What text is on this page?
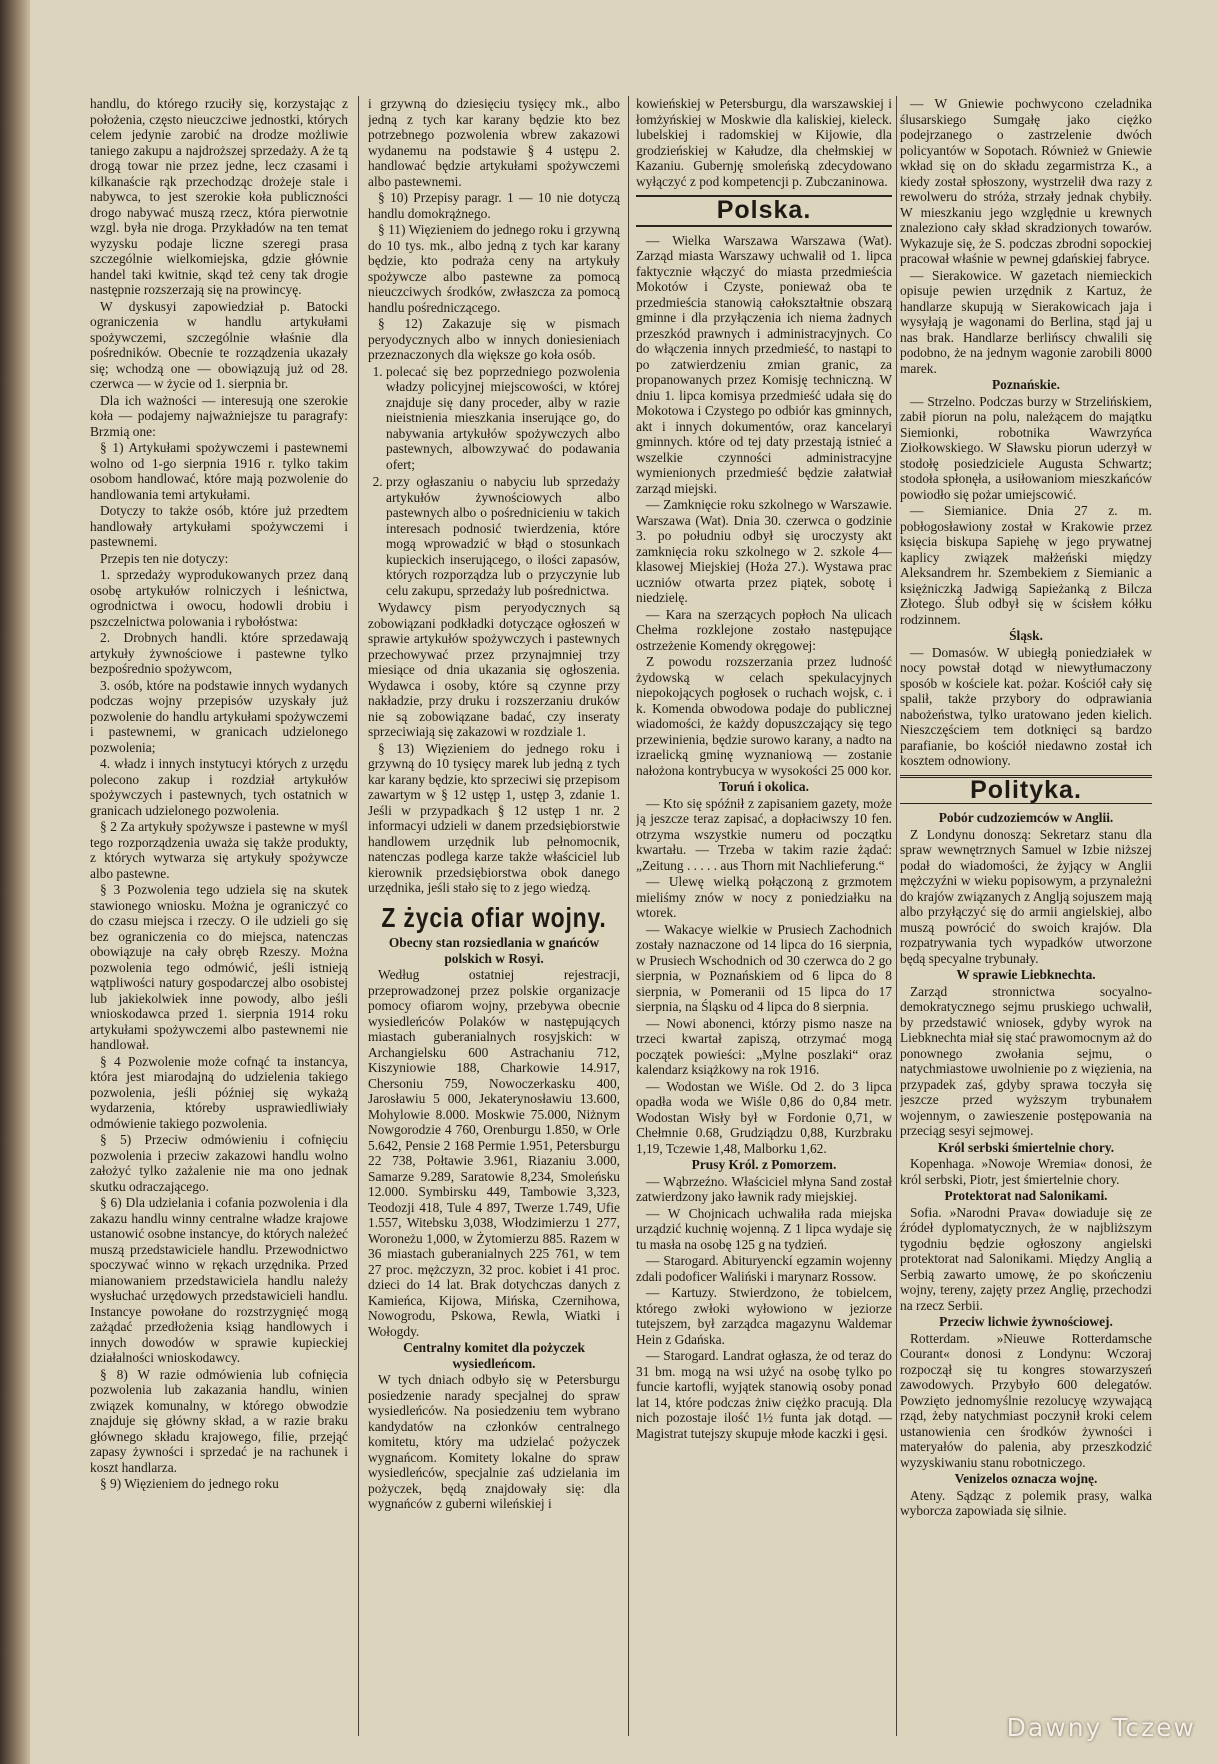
handlu, do którego rzuciły się, korzystając z położenia, często nieuczciwe jednostki, których celem jedynie zarobić na drodze możliwie taniego zakupu a najdroższej sprzedaży. A że tą drogą towar nie przez jedne, lecz czasami i kilkanaście rąk przechodząc drożeje stale i nabywca, to jest szerokie koła publiczności drogo nabywać muszą rzecz, która pierwotnie wzgl. była nie droga. Przykładów na ten temat wyzysku podaje liczne szeregi prasa szczególnie wielkomiejska, gdzie głównie handel taki kwitnie, skąd też ceny tak drogie następnie rozszerzają się na prowincyę.

W dyskusyi zapowiedział p. Batocki ograniczenia w handlu artykułami spożywczemi, szczególnie właśnie dla pośredników. Obecnie te rozządzenia ukazały się; wchodzą one — obowiązują już od 28. czerwca — w życie od 1. sierpnia br.

Dla ich ważności — interesują one szerokie koła — podajemy najważniejsze tu paragrafy: Brzmią one:

§ 1) Artykułami spożywczemi i pastewnemi wolno od 1-go sierpnia 1916 r. tylko takim osobom handlować, które mają pozwolenie do handlowania temi artykułami.

Dotyczy to także osób, które już przedtem handlowały artykułami spożywczemi i pastewnemi.

Przepis ten nie dotyczy:

1. sprzedaży wyprodukowanych przez daną osobę artykułów rolniczych i leśnictwa, ogrodnictwa i owocu, hodowli drobiu i pszczelnictwa polowania i rybołóstwa:

2. Drobnych handli. które sprzedawają artykuły żywnościowe i pastewne tylko bezpośrednio spożywcom,

3. osób, które na podstawie innych wydanych podczas wojny przepisów uzyskały już pozwolenie do handlu artykułami spożywczemi i pastewnemi, w granicach udzielonego pozwolenia;

4. władz i innych instytucyi których z urzędu polecono zakup i rozdział artykułów spożywczych i pastewnych, tych ostatnich w granicach udzielonego pozwolenia.

§ 2 Za artykuły spożywsze i pastewne w myśl tego rozporządzenia uważa się także produkty, z których wytwarza się artykuły spożywcze albo pastewne.

§ 3 Pozwolenia tego udziela się na skutek stawionego wniosku. Można je ograniczyć co do czasu miejsca i rzeczy. O ile udzieli go się bez ograniczenia co do miejsca, natenczas obowiązuje na cały obręb Rzeszy. Można pozwolenia tego odmówić, jeśli istnieją wątpliwości natury gospodarczej albo osobistej lub jakiekolwiek inne powody, albo jeśli wnioskodawca przed 1. sierpnia 1914 roku artykułami spożywczemi albo pastewnemi nie handlował.

§ 4 Pozwolenie może cofnąć ta instancya, która jest miarodajną do udzielenia takiego pozwolenia, jeśli później się wykażą wydarzenia, któreby usprawiedliwiały odmówienie takiego pozwolenia.

§ 5) Przeciw odmówieniu i cofnięciu pozwolenia i przeciw zakazowi handlu wolno założyć tylko zażalenie nie ma ono jednak skutku odraczającego.

§ 6) Dla udzielania i cofania pozwolenia i dla zakazu handlu winny centralne władze krajowe ustanowić osobne instancye, do których należeć muszą przedstawiciele handlu. Przewodnictwo spoczywać winno w rękach urzędnika. Przed mianowaniem przedstawiciela handlu należy wysłuchać urzędowych przedstawicieli handlu. Instancye powołane do rozstrzygnięć mogą zażądać przedłożenia ksiąg handlowych i innych dowodów w sprawie kupieckiej działalności wnioskodawcy.

§ 8) W razie odmówienia lub cofnięcia pozwolenia lub zakazania handlu, winien związek komunalny, w którego obwodzie znajduje się główny skład, a w razie braku głównego składu krajowego, filie, przejąć zapasy żywności i sprzedać je na rachunek i koszt handlarza.

§ 9) Więzieniem do jednego roku

i grzywną do dziesięciu tysięcy mk., albo jedną z tych kar karany będzie kto bez potrzebnego pozwolenia wbrew zakazowi wydanemu na podstawie § 4 ustępu 2. handlować będzie artykułami spożywczemi albo pastewnemi.

§ 10) Przepisy paragr. 1 — 10 nie dotyczą handlu domokrążnego.

§ 11) Więzieniem do jednego roku i grzywną do 10 tys. mk., albo jedną z tych kar karany będzie, kto podraża ceny na artykuły spożywcze albo pastewne za pomocą nieuczciwych środków, zwłaszcza za pomocą handlu pośredniczącego.

§ 12) Zakazuje się w pismach peryodycznych albo w innych doniesieniach przeznaczonych dla większe go koła osób.

1. polecać się bez poprzedniego pozwolenia władzy policyjnej miejscowości, w której znajduje się dany proceder, alby w razie nieistnienia mieszkania inserujące go, do nabywania artykułów spożywczych albo pastewnych, albowzywać do podawania ofert;
2. przy ogłaszaniu o nabyciu lub sprzedaży artykułów żywnościowych albo pastewnych albo o pośrednicieniu w takich interesach podnosić twierdzenia, które mogą wprowadzić w błąd o stosunkach kupieckich inserującego, o ilości zapasów, których rozporządza lub o przyczynie lub celu zakupu, sprzedaży lub pośrednictwa.

Wydawcy pism peryodycznych są zobowiązani podkładki dotyczące ogłoszeń w sprawie artykułów spożywczych i pastewnych przechowywać przez przynajmniej trzy miesiące od dnia ukazania się ogłoszenia. Wydawca i osoby, które są czynne przy nakładzie, przy druku i rozszerzaniu druków nie są zobowiązane badać, czy inseraty sprzeciwiają się zakazowi w rozdziale 1.

§ 13) Więzieniem do jednego roku i grzywną do 10 tysięcy marek lub jedną z tych kar karany będzie, kto sprzeciwi się przepisom zawartym w § 12 ustęp 1, ustęp 3, zdanie 1. Jeśli w przypadkach § 12 ustęp 1 nr. 2 informacyi udzieli w danem przedsiębiorstwie handlowem urzędnik lub pełnomocnik, natenczas podlega karze także właściciel lub kierownik przedsiębiorstwa obok danego urzędnika, jeśli stało się to z jego wiedzą.

Z życia ofiar wojny.

Obecny stan rozsiedlania w gnańców polskich w Rosyi.

Według ostatniej rejestracji, przeprowadzonej przez polskie organizacje pomocy ofiarom wojny, przebywa obecnie wysiedleńców Polaków w następujących miastach guberanialnych rosyjskich: w Archangielsku 600 Astrachaniu 712, Kiszyniowie 188, Charkowie 14.917, Chersoniu 759, Nowoczerkasku 400, Jarosławiu 5 000, Jekaterynosławiu 13.600, Mohylowie 8.000. Moskwie 75.000, Niżnym Nowgorodzie 4 760, Orenburgu 1.850, w Orle 5.642, Pensie 2 168 Permie 1.951, Petersburgu 22 738, Połtawie 3.961, Riazaniu 3.000, Samarze 9.289, Saratowie 8,234, Smoleńsku 12.000. Symbirsku 449, Tambowie 3,323, Teodozji 418, Tule 4 897, Twerze 1.749, Ufie 1.557, Witebsku 3,038, Włodzimierzu 1 277, Woroneżu 1,000, w Żytomierzu 885. Razem w 36 miastach guberanialnych 225 761, w tem 27 proc. mężczyzn, 32 proc. kobiet i 41 proc. dzieci do 14 lat. Brak dotychczas danych z Kamieńca, Kijowa, Mińska, Czernihowa, Nowogrodu, Pskowa, Rewla, Wiatki i Wołogdy.

Centralny komitet dla pożyczek wysiedleńcom.

W tych dniach odbyło się w Petersburgu posiedzenie narady specjalnej do spraw wysiedleńców. Na posiedzeniu tem wybrano kandydatów na członków centralnego komitetu, który ma udzielać pożyczek wygnańcom. Komitety lokalne do spraw wysiedleńców, specjalnie zaś udzielania im pożyczek, będą znajdowały się: dla wygnańców z guberni wileńskiej i

kowieńskiej w Petersburgu, dla warszawskiej i łomżyńskiej w Moskwie dla kaliskiej, kieleck. lubelskiej i radomskiej w Kijowie, dla grodzieńskiej w Kałudze, dla chełmskiej w Kazaniu. Gubernję smoleńską zdecydowano wyłączyć z pod kompetencji p. Zubczaninowa.

Polska.

— Wielka Warszawa Warszawa (Wat). Zarząd miasta Warszawy uchwalił od 1. lipca faktycznie włączyć do miasta przedmieścia Mokotów i Czyste, ponieważ oba te przedmieścia stanowią całokształtnie obszarą gminne i dla przyłączenia ich niema żadnych przeszkód prawnych i administracyjnych. Co do włączenia innych przedmieść, to nastąpi to po zatwierdzeniu zmian granic, za propanowanych przez Komisję techniczną. W dniu 1. lipca komisya przedmieść udała się do Mokotowa i Czystego po odbiór kas gminnych, akt i innych dokumentów, oraz kancelaryi gminnych. które od tej daty przestają istnieć a wszelkie czynności administracyjne wymienionych przedmieść będzie załatwiał zarząd miejski.

— Zamknięcie roku szkolnego w Warszawie. Warszawa (Wat). Dnia 30. czerwca o godzinie 3. po południu odbył się uroczysty akt zamknięcia roku szkolnego w 2. szkole 4—klasowej Miejskiej (Hoża 27.). Wystawa prac uczniów otwarta przez piątek, sobotę i niedzielę.

— Kara na szerzących popłoch Na ulicach Chełma rozklejone zostało następujące ostrzeżenie Komendy okręgowej:

Z powodu rozszerzania przez ludność żydowską w celach spekulacyjnych niepokojących pogłosek o ruchach wojsk, c. i k. Komenda obwodowa podaje do publicznej wiadomości, że każdy dopuszczający się tego przewinienia, będzie surowo karany, a nadto na izraelicką gminę wyznaniową — zostanie nałożona kontrybucya w wysokości 25 000 kor.

Toruń i okolica.

— Kto się spóźnił z zapisaniem gazety, może ją jeszcze teraz zapisać, a dopłaciwszy 10 fen. otrzyma wszystkie numeru od początku kwartału. — Trzeba w takim razie żądać: „Zeitung . . . . . aus Thorn mit Nachlieferung.“

— Ulewę wielką połączoną z grzmotem mieliśmy znów w nocy z poniedziałku na wtorek.

— Wakacye wielkie w Prusiech Zachodnich zostały naznaczone od 14 lipca do 16 sierpnia, w Prusiech Wschodnich od 30 czerwca do 2 go sierpnia, w Poznańskiem od 6 lipca do 8 sierpnia, w Pomeranii od 15 lipca do 17 sierpnia, na Śląsku od 4 lipca do 8 sierpnia.

— Nowi abonenci, którzy pismo nasze na trzeci kwartał zapiszą, otrzymać mogą początek powieści: „Mylne poszlaki“ oraz kalendarz książkowy na rok 1916.

— Wodostan we Wiśle. Od 2. do 3 lipca opadła woda we Wiśle 0,86 do 0,84 metr. Wodostan Wisły był w Fordonie 0,71, w Chełmnie 0.68, Grudziądzu 0,88, Kurzbraku 1,19, Tczewie 1,48, Malborku 1,62.

Prusy Król. z Pomorzem.

— Wąbrzeźno. Właściciel młyna Sand został zatwierdzony jako ławnik rady miejskiej.

— W Chojnicach uchwaliła rada miejska urządzić kuchnię wojenną. Z 1 lipca wydaje się tu masła na osobę 125 g na tydzień.

— Starogard. Abituryenckí egzamin wojenny zdali podoficer Waliński i marynarz Rossow.

— Kartuzy. Stwierdzono, że tobielcem, którego zwłoki wyłowiono w jeziorze tutejszem, był zarządca magazynu Waldemar Hein z Gdańska.

— Starogard. Landrat ogłasza, że od teraz do 31 bm. mogą na wsi użyć na osobę tylko po funcie kartofli, wyjątek stanowią osoby ponad lat 14, które podczas żniw ciężko pracują. Dla nich pozostaje ilość 1½ funta jak dotąd. — Magistrat tutejszy skupuje młode kaczki i gęsi.

— W Gniewie pochwycono czeladnika ślusarskiego Sumgałę jako ciężko podejrzanego o zastrzelenie dwóch policyantów w Sopotach. Również w Gniewie wkład się on do składu zegarmistrza K., a kiedy został spłoszony, wystrzelił dwa razy z rewolweru do stróża, strzały jednak chybiły. W mieszkaniu jego względnie u krewnych znaleziono cały skład skradzionych towarów. Wykazuje się, że S. podczas zbrodni sopockiej pracował właśnie w pewnej gdańskiej fabryce.

— Sierakowice. W gazetach niemieckich opisuje pewien urzędnik z Kartuz, że handlarze skupują w Sierakowicach jaja i wysyłają je wagonami do Berlina, stąd jaj u nas brak. Handlarze berlińscy chwalili się podobno, że na jednym wagonie zarobili 8000 marek.

Poznańskie.

— Strzelno. Podczas burzy w Strzelińskiem, zabił piorun na polu, należącem do majątku Siemionki, robotnika Wawrzyńca Ziołkowskiego. W Sławsku piorun uderzył w stodołę posiedziciele Augusta Schwartz; stodoła spłonęła, a usiłowaniom mieszkańców powiodło się pożar umiejscowić.

— Siemianice. Dnia 27 z. m. pobłogosławiony został w Krakowie przez księcia biskupa Sapiehę w jego prywatnej kaplicy związek małżeński między Aleksandrem hr. Szembekiem z Siemianic a księżniczką Jadwigą Sapieżanką z Bilcza Złotego. Ślub odbył się w ścisłem kółku rodzinnem.

Śląsk.

— Domasów. W ubiegłą poniedziałek w nocy powstał dotąd w niewytłumaczony sposób w kościele kat. pożar. Kościół cały się spalił, także przybory do odprawiania nabożeństwa, tylko uratowano jeden kielich. Nieszczęściem tem dotknięci są bardzo parafianie, bo kościół niedawno został ich kosztem odnowiony.

Polityka.

Pobór cudzoziemców w Anglii.

Z Londynu donoszą: Sekretarz stanu dla spraw wewnętrznych Samuel w Izbie niższej podał do wiadomości, że żyjący w Anglii mężczyźni w wieku popisowym, a przynależni do krajów związanych z Anglją sojuszem mają albo przyłączyć się do armii angielskiej, albo muszą powrócić do swoich krajów. Dla rozpatrywania tych wypadków utworzone będą specyalne trybunały.

W sprawie Liebknechta.

Zarząd stronnictwa socyalno-demokratycznego sejmu pruskiego uchwalił, by przedstawić wniosek, gdyby wyrok na Liebknechta miał się stać prawomocnym aż do ponownego zwołania sejmu, o natychmiastowe uwolnienie po z więzienia, na przypadek zaś, gdyby sprawa toczyła się jeszcze przed wyższym trybunałem wojennym, o zawieszenie postępowania na przeciąg sesyi sejmowej.

Król serbski śmiertelnie chory.

Kopenhaga. »Nowoje Wremia« donosi, że król serbski, Piotr, jest śmiertelnie chory.

Protektorat nad Salonikami.

Sofia. »Narodni Prava« dowiaduje się ze źródeł dyplomatycznych, że w najbliższym tygodniu będzie ogłoszony angielski protektorat nad Salonikami. Między Anglią a Serbią zawarto umowę, że po skończeniu wojny, tereny, zajęty przez Anglię, przechodzi na rzecz Serbii.

Przeciw lichwie żywnościowej.

Rotterdam. »Nieuwe Rotterdamsche Courant« donosi z Londynu: Wczoraj rozpoczął się tu kongres stowarzyszeń zawodowych. Przybyło 600 delegatów. Powzięto jednomyślnie rezolucyę wzywającą rząd, żeby natychmiast poczynił kroki celem ustanowienia cen środków żywności i materyałów do palenia, aby przeszkodzić wyzyskiwaniu stanu robotniczego.

Venizelos oznacza wojnę.

Ateny. Sądząc z polemik prasy, walka wyborcza zapowiada się silnie.

Dawny Tczew
